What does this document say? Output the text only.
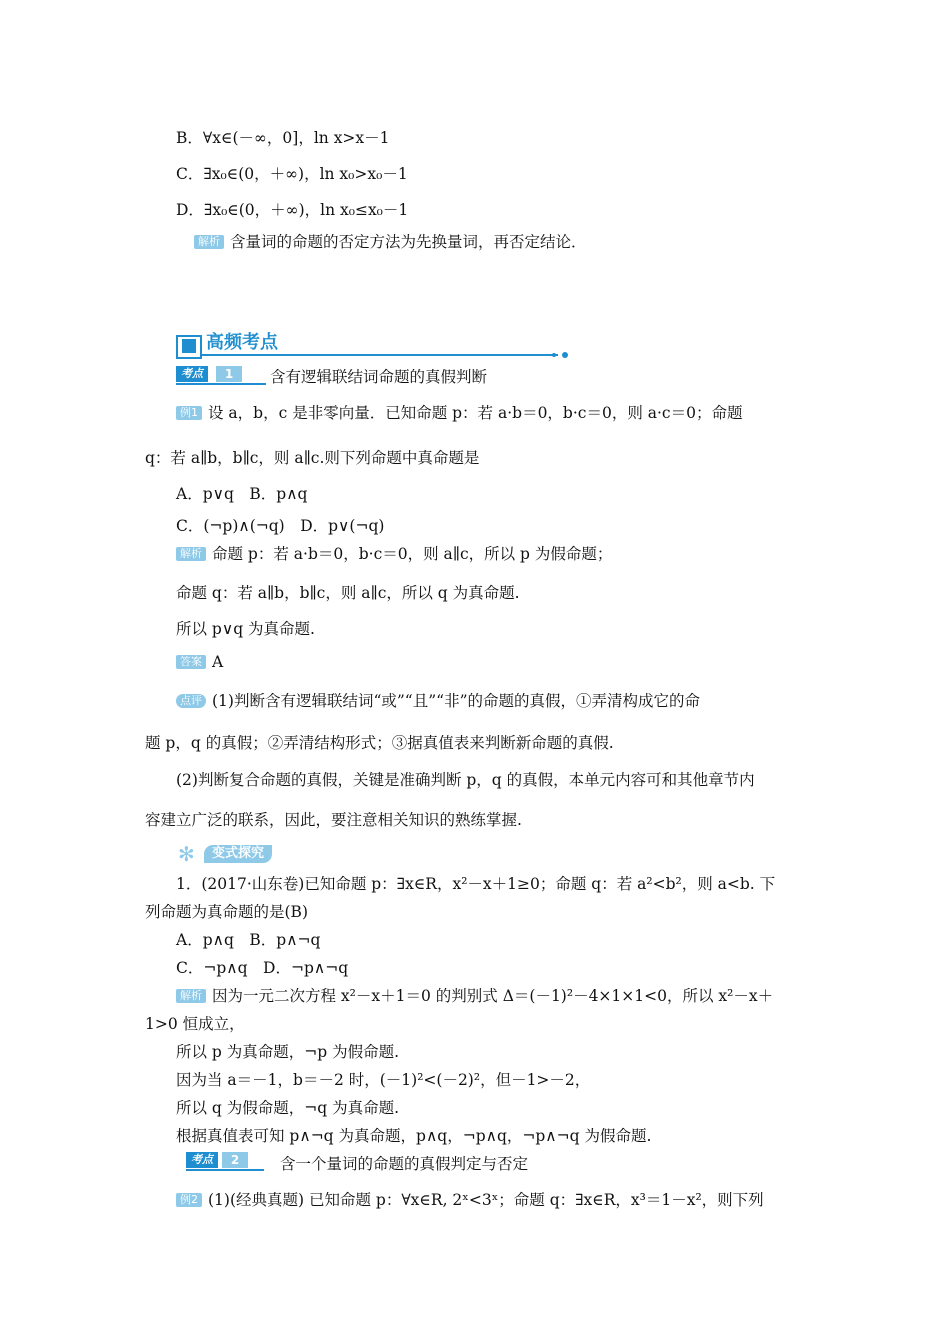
B．∀x∈(－∞，0]，ln x>x－1
C．∃x₀∈(0，＋∞)，ln x₀>x₀－1
D．∃x₀∈(0，＋∞)，ln x₀≤x₀－1
解析 含量词的命题的否定方法为先换量词，再否定结论．
高频考点
考点	1	含有逻辑联结词命题的真假判断
例1 设 a，b，c 是非零向量．已知命题 p：若 a·b＝0，b·c＝0，则 a·c＝0；命题
q：若 a∥b，b∥c，则 a∥c.则下列命题中真命题是
A．p∨q　B．p∧q
C．(¬p)∧(¬q)　D．p∨(¬q)
解析 命题 p：若 a·b＝0，b·c＝0，则 a∥c，所以 p 为假命题；
命题 q：若 a∥b，b∥c，则 a∥c，所以 q 为真命题.
所以 p∨q 为真命题.
答案 A
点评 (1)判断含有逻辑联结词“或”“且”“非”的命题的真假，①弄清构成它的命
题 p，q 的真假；②弄清结构形式；③据真值表来判断新命题的真假.
(2)判断复合命题的真假，关键是准确判断 p，q 的真假，本单元内容可和其他章节内
容建立广泛的联系，因此，要注意相关知识的熟练掌握.
✻	变式探究
1．(2017·山东卷)已知命题 p：∃x∈R，x²－x＋1≥0；命题 q：若 a²<b²，则 a<b. 下
列命题为真命题的是(B)
A．p∧q　B．p∧¬q
C．¬p∧q　D．¬p∧¬q
解析 因为一元二次方程 x²－x＋1＝0 的判别式 Δ＝(－1)²－4×1×1<0，所以 x²－x＋
1>0 恒成立，
所以 p 为真命题，¬p 为假命题.
因为当 a＝－1，b＝－2 时，(－1)²<(－2)²，但－1>－2，
所以 q 为假命题，¬q 为真命题.
根据真值表可知 p∧¬q 为真命题，p∧q，¬p∧q，¬p∧¬q 为假命题.
考点	2	含一个量词的命题的真假判定与否定
例2 (1)(经典真题) 已知命题 p：∀x∈R, 2ˣ<3ˣ；命题 q：∃x∈R，x³＝1－x²，则下列
